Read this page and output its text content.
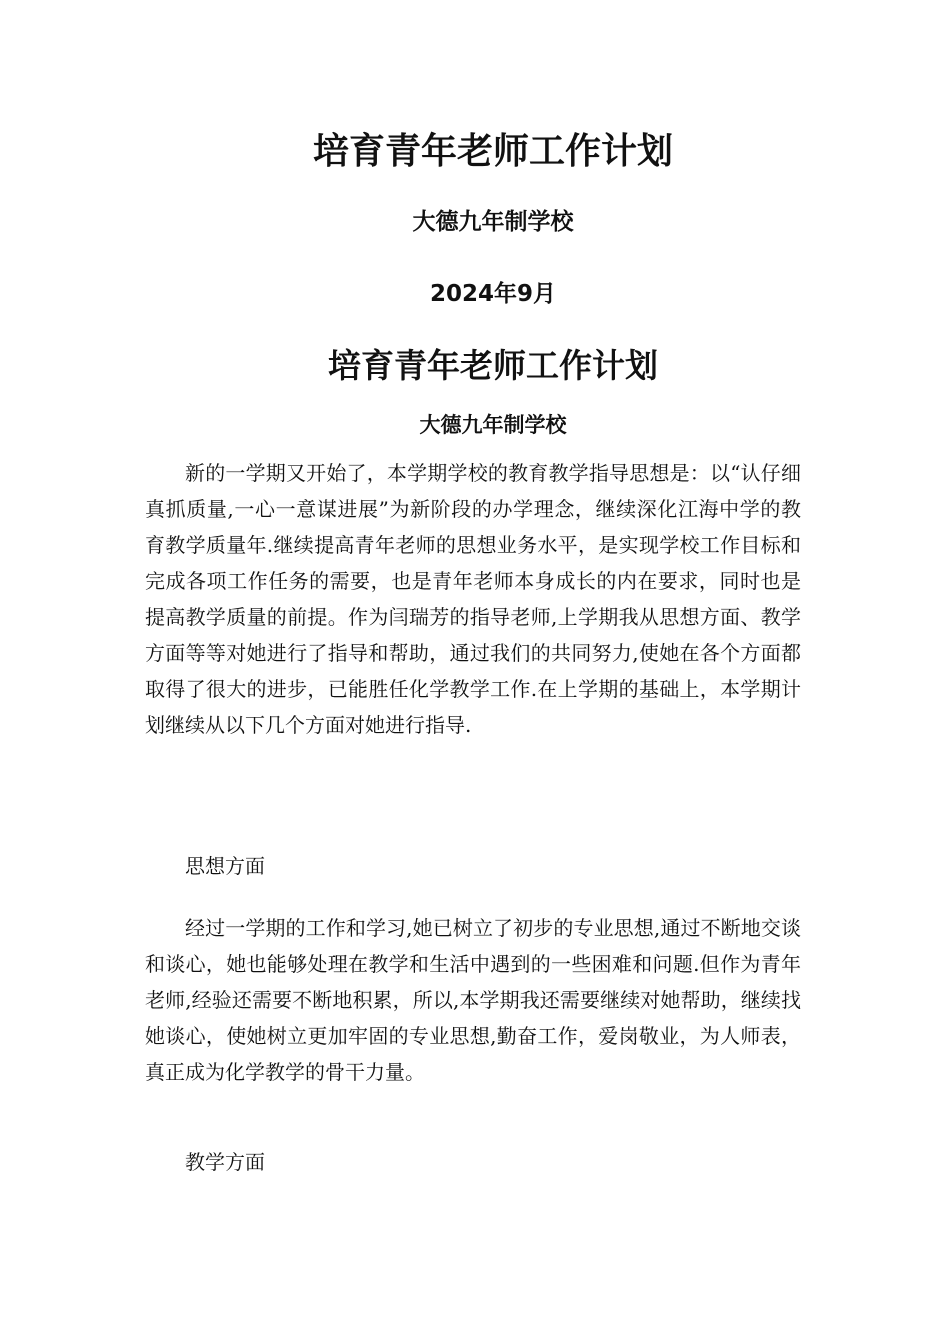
培育青年老师工作计划
大德九年制学校
2024年9月
培育青年老师工作计划
大德九年制学校

新的一学期又开始了，本学期学校的教育教学指导思想是：以“认仔细真抓质量,一心一意谋进展”为新阶段的办学理念，继续深化江海中学的教育教学质量年.继续提高青年老师的思想业务水平，是实现学校工作目标和完成各项工作任务的需要，也是青年老师本身成长的内在要求，同时也是提高教学质量的前提。作为闫瑞芳的指导老师,上学期我从思想方面、教学方面等等对她进行了指导和帮助，通过我们的共同努力,使她在各个方面都取得了很大的进步，已能胜任化学教学工作.在上学期的基础上，本学期计划继续从以下几个方面对她进行指导.

思想方面

经过一学期的工作和学习,她已树立了初步的专业思想,通过不断地交谈和谈心，她也能够处理在教学和生活中遇到的一些困难和问题.但作为青年老师,经验还需要不断地积累，所以,本学期我还需要继续对她帮助，继续找她谈心，使她树立更加牢固的专业思想,勤奋工作，爱岗敬业，为人师表，真正成为化学教学的骨干力量。

教学方面
